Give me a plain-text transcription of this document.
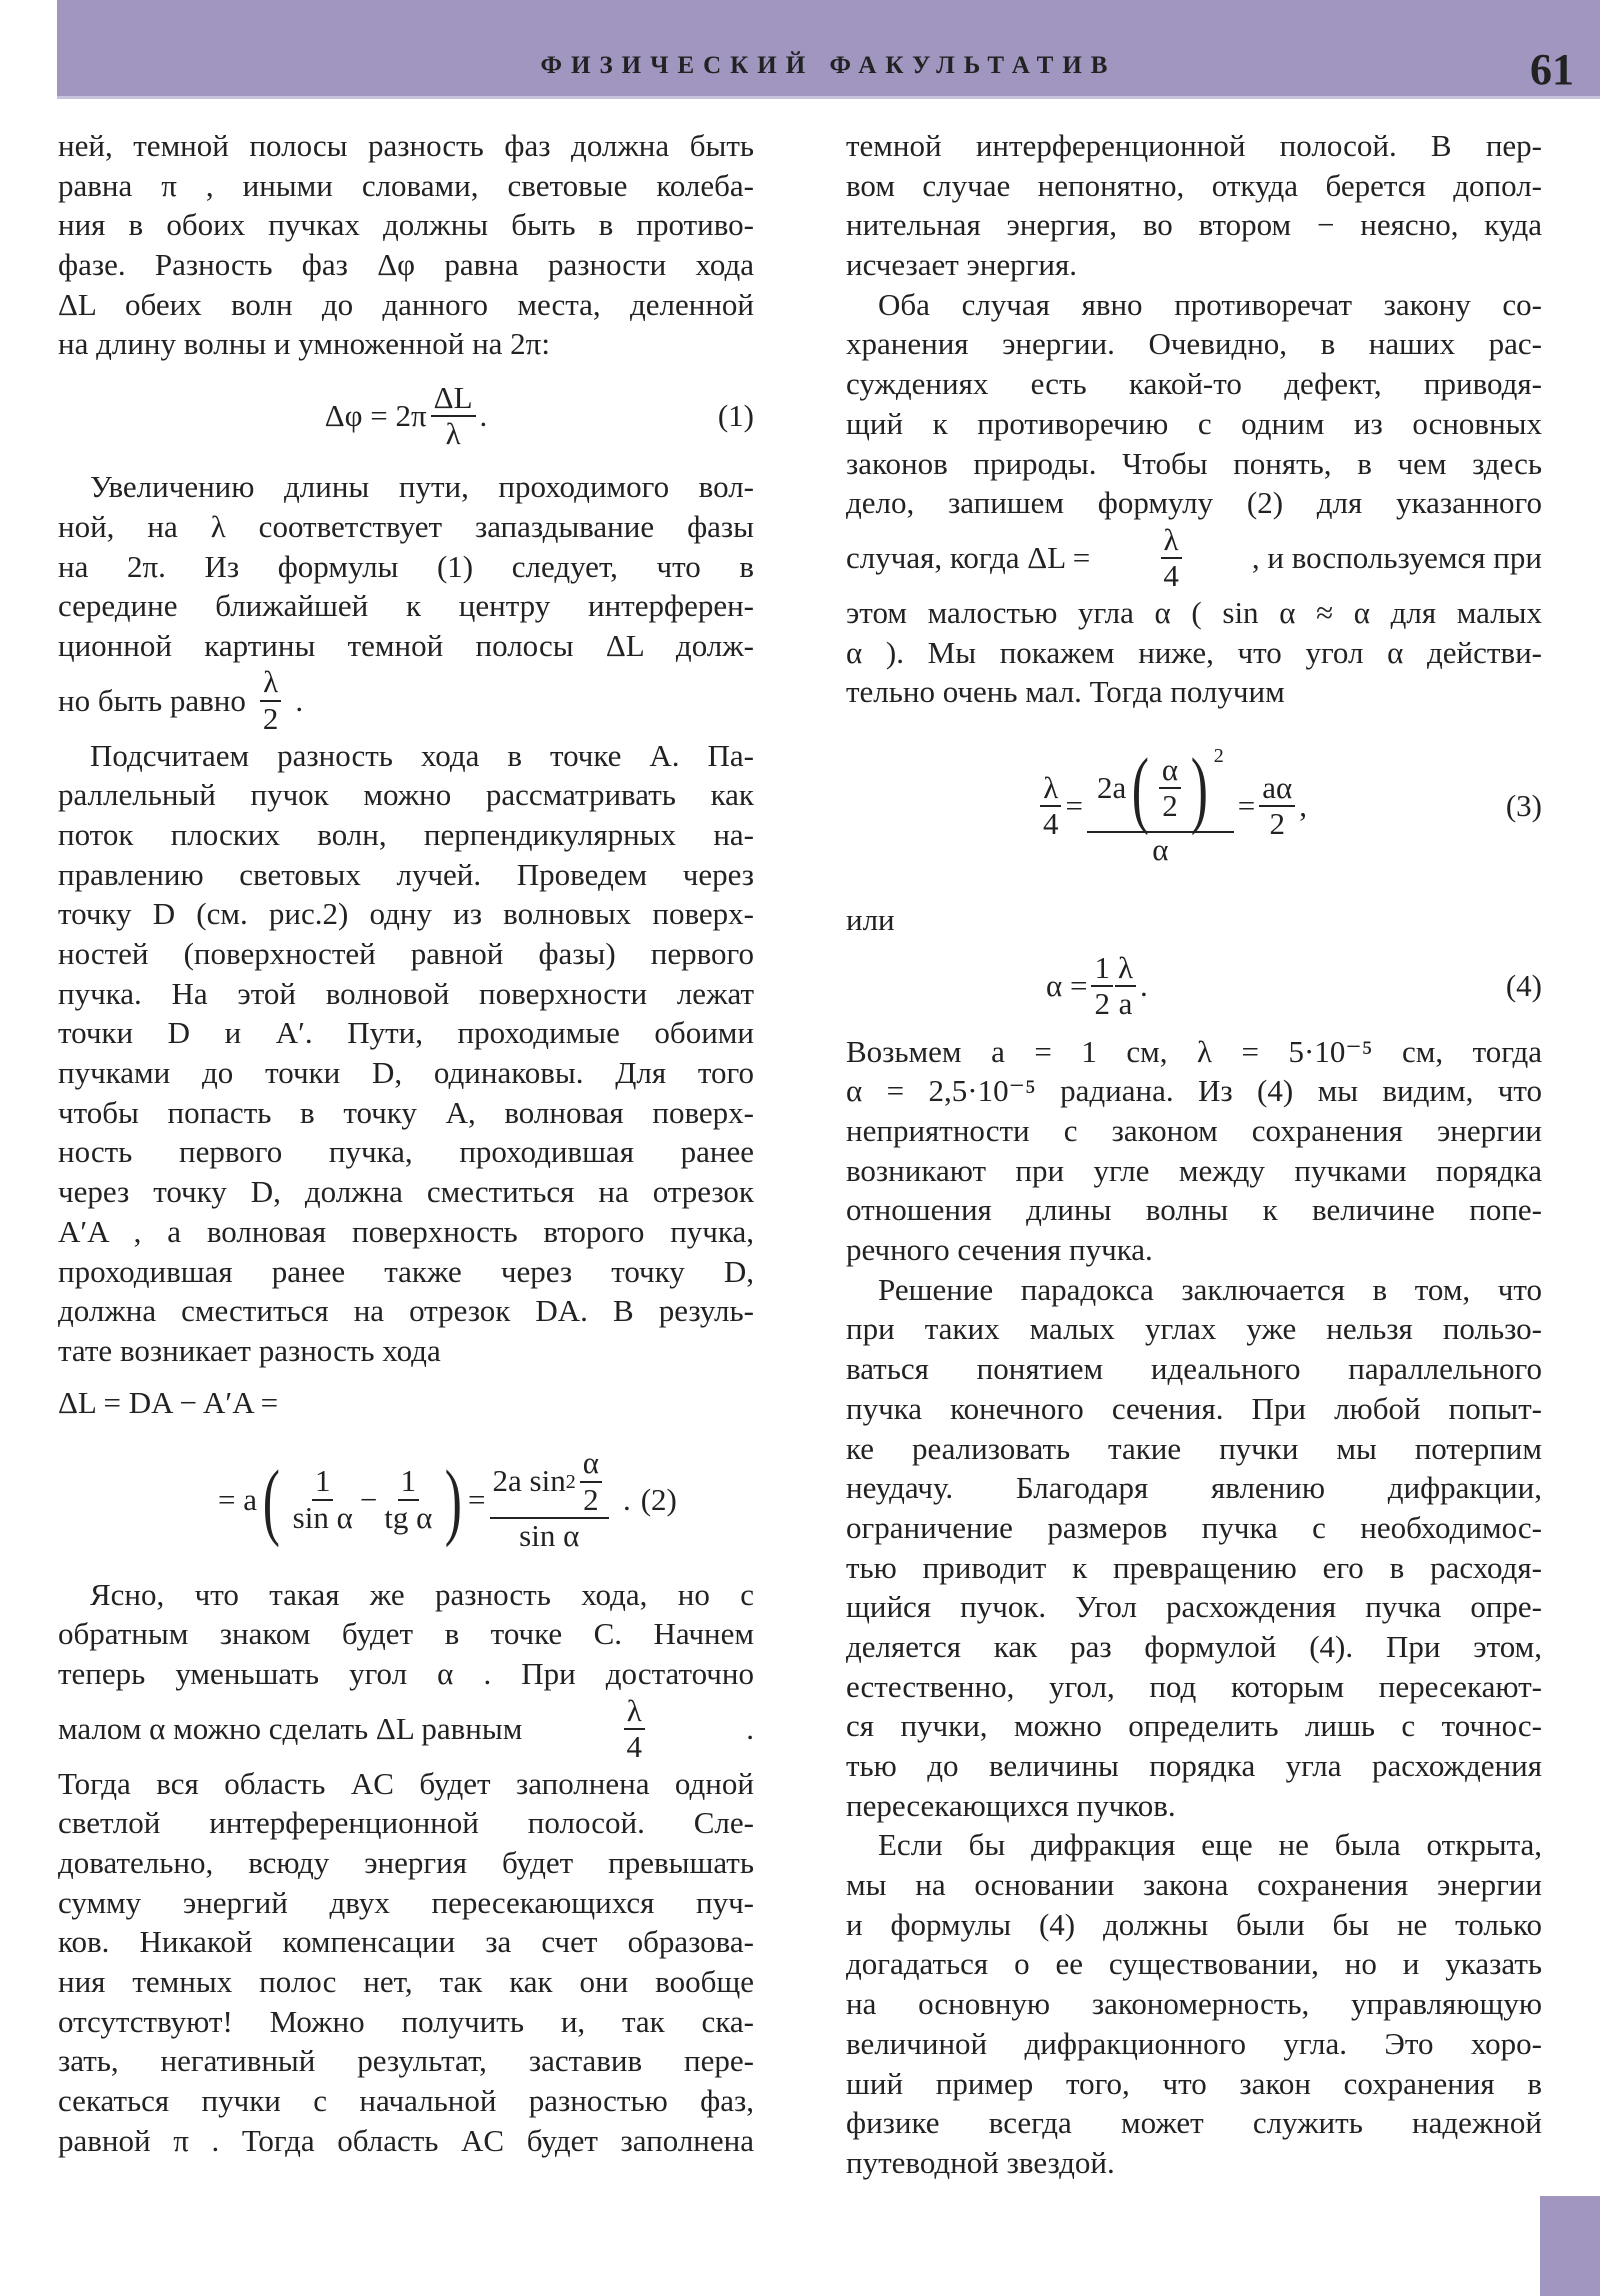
ФИЗИЧЕСКИЙ ФАКУЛЬТАТИВ	61
ней, темной полосы разность фаз должна быть
равна π , иными словами, световые колеба-
ния в обоих пучках должны быть в противо-
фазе. Разность фаз Δφ равна разности хода
ΔL обеих волн до данного места, деленной
на длину волны и умноженной на 2π:
$\Delta\varphi = 2\pi \frac{\Delta L}{\lambda}$ .	(1)
Увеличению длины пути, проходимого вол-
ной, на λ соответствует запаздывание фазы
на 2π. Из формулы (1) следует, что в
середине ближайшей к центру интерферен-
ционной картины темной полосы ΔL долж-
но быть равно $\frac{\lambda}{2}$ .
Подсчитаем разность хода в точке A. Па-
раллельный пучок можно рассматривать как
поток плоских волн, перпендикулярных на-
правлению световых лучей. Проведем через
точку D (см. рис.2) одну из волновых поверх-
ностей (поверхностей равной фазы) первого
пучка. На этой волновой поверхности лежат
точки D и A′. Пути, проходимые обоими
пучками до точки D, одинаковы. Для того
чтобы попасть в точку A, волновая поверх-
ность первого пучка, проходившая ранее
через точку D, должна сместиться на отрезок
A′A , а волновая поверхность второго пучка,
проходившая ранее также через точку D,
должна сместиться на отрезок DA. В резуль-
тате возникает разность хода
ΔL = DA − A′A =
= a ( $\frac{1}{\text{sin α}} - \frac{1}{\text{tg α}}$ ) = $\frac{2a \sin 2 \frac{\alpha}{2}}{\text{sin α}}$ . (2)
Ясно, что такая же разность хода, но с
обратным знаком будет в точке C. Начнем
теперь уменьшать угол α . При достаточно
малом α можно сделать ΔL равным	$\frac{\lambda}{4}$	.
Тогда вся область AC будет заполнена одной
светлой интерференционной полосой. Сле-
довательно, всюду энергия будет превышать
сумму энергий двух пересекающихся пуч-
ков. Никакой компенсации за счет образова-
ния темных полос нет, так как они вообще
отсутствуют! Можно получить и, так ска-
зать, негативный результат, заставив пере-
секаться пучки с начальной разностью фаз,
равной π . Тогда область AC будет заполнена
темной интерференционной полосой. В пер-
вом случае непонятно, откуда берется допол-
нительная энергия, во втором − неясно, куда
исчезает энергия.
Оба случая явно противоречат закону со-
хранения энергии. Очевидно, в наших рас-
суждениях есть какой-то дефект, приводя-
щий к противоречию с одним из основных
законов природы. Чтобы понять, в чем здесь
дело, запишем формулу (2) для указанного
случая, когда $\Delta L = \frac{\lambda}{4}$ , и воспользуемся при
этом малостью угла α ( sin α ≈ α для малых
α ). Мы покажем ниже, что угол α действи-
тельно очень мал. Тогда получим
$\frac{\lambda}{4} = \frac{2a ( \frac{\alpha}{2} ) ^2}{\alpha} = \frac{a\alpha}{2}$ ,	(3)
или
$\alpha = \frac{1}{2} \frac{\lambda}{a}$ .	(4)
Возьмем a = 1 см, λ = 5·10⁻⁵ см, тогда
α = 2,5·10⁻⁵ радиана. Из (4) мы видим, что
неприятности с законом сохранения энергии
возникают при угле между пучками порядка
отношения длины волны к величине попе-
речного сечения пучка.
Решение парадокса заключается в том, что
при таких малых углах уже нельзя пользо-
ваться понятием идеального параллельного
пучка конечного сечения. При любой попыт-
ке реализовать такие пучки мы потерпим
неудачу. Благодаря явлению дифракции,
ограничение размеров пучка с необходимос-
тью приводит к превращению его в расходя-
щийся пучок. Угол расхождения пучка опре-
деляется как раз формулой (4). При этом,
естественно, угол, под которым пересекают-
ся пучки, можно определить лишь с точнос-
тью до величины порядка угла расхождения
пересекающихся пучков.
Если бы дифракция еще не была открыта,
мы на основании закона сохранения энергии
и формулы (4) должны были бы не только
догадаться о ее существовании, но и указать
на основную закономерность, управляющую
величиной дифракционного угла. Это хоро-
ший пример того, что закон сохранения в
физике всегда может служить надежной
путеводной звездой.
